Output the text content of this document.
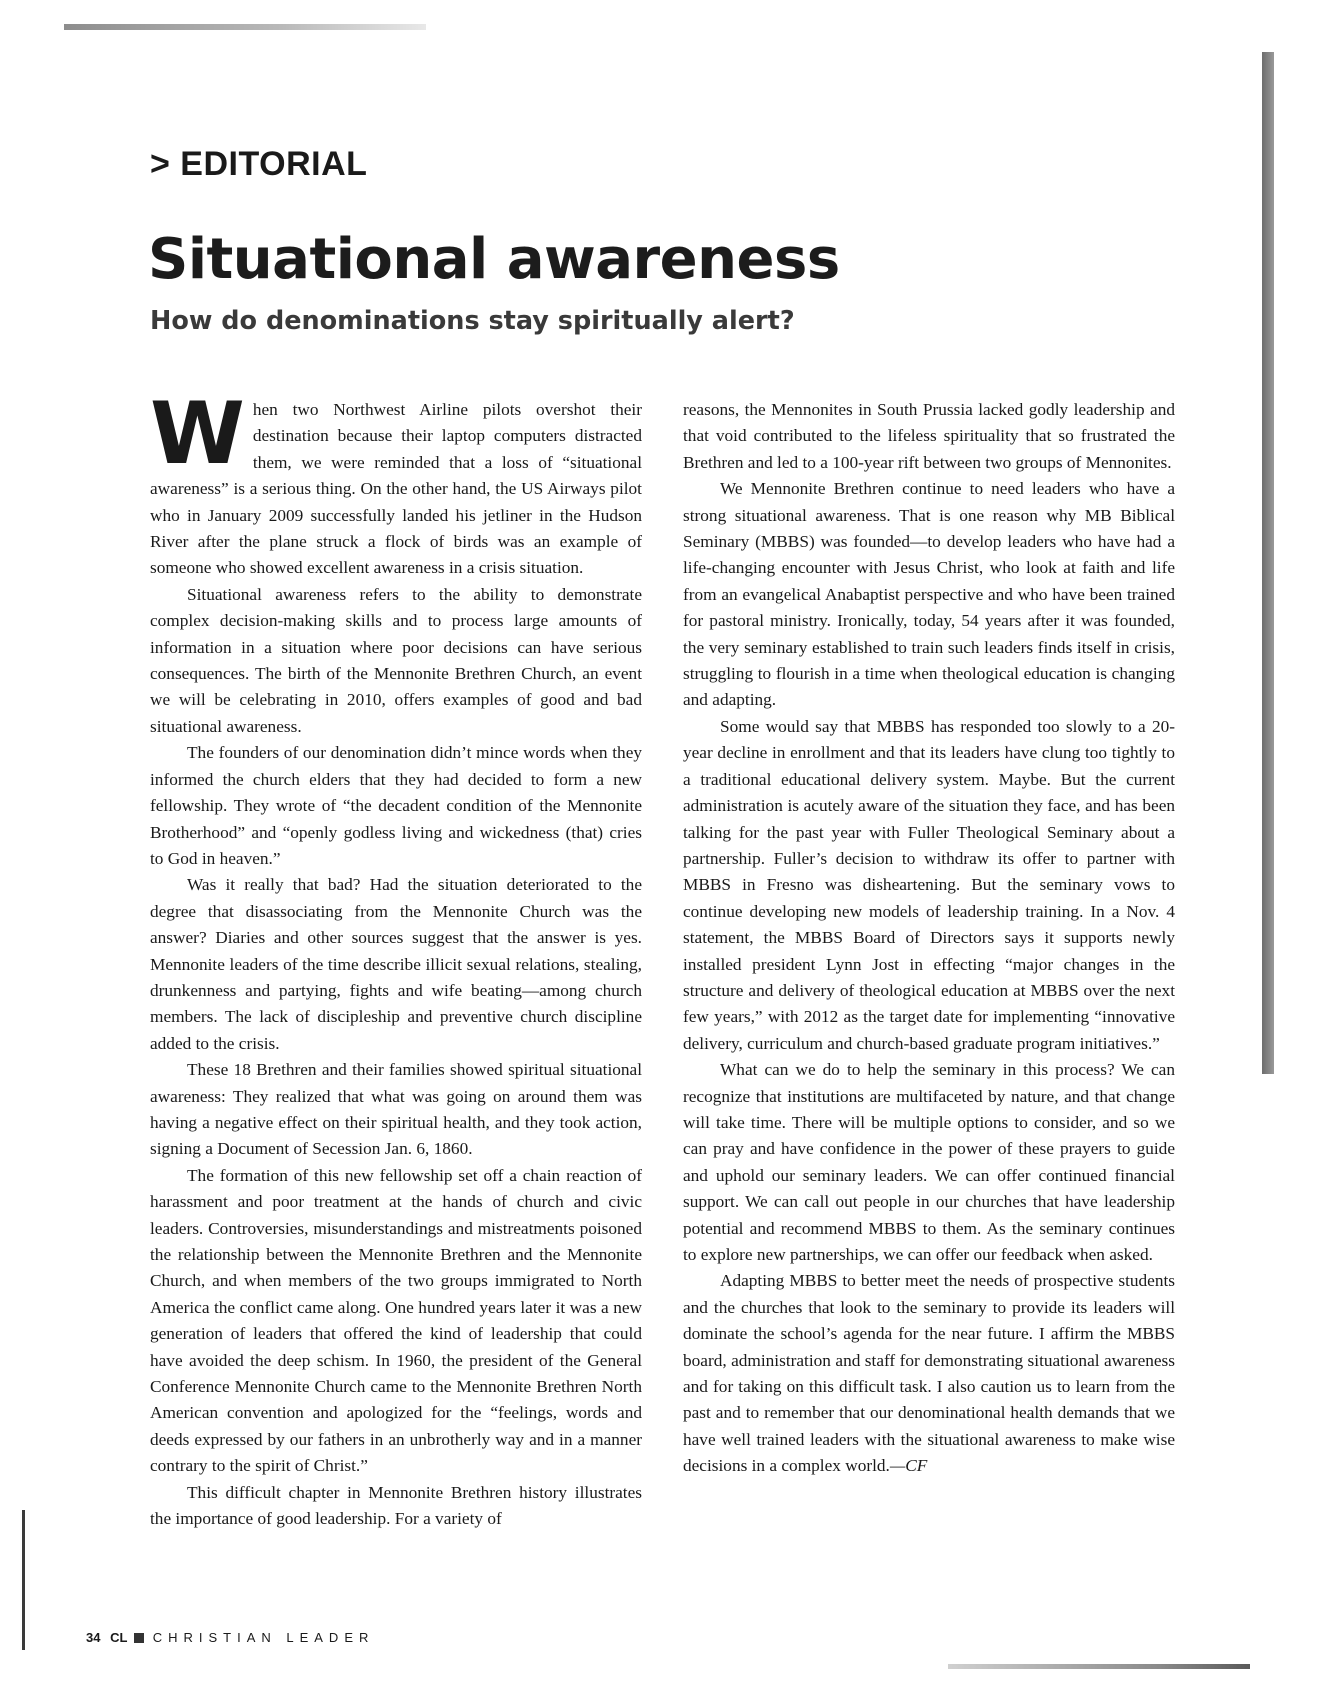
> EDITORIAL
Situational awareness
How do denominations stay spiritually alert?

When two Northwest Airline pilots overshot their destination because their laptop computers distracted them, we were reminded that a loss of “situational awareness” is a serious thing. On the other hand, the US Airways pilot who in January 2009 successfully landed his jetliner in the Hudson River after the plane struck a flock of birds was an example of someone who showed excellent awareness in a crisis situation.

Situational awareness refers to the ability to demonstrate complex decision-making skills and to process large amounts of information in a situation where poor decisions can have serious consequences. The birth of the Mennonite Brethren Church, an event we will be celebrating in 2010, offers examples of good and bad situational awareness.

The founders of our denomination didn’t mince words when they informed the church elders that they had decided to form a new fellowship. They wrote of “the decadent condition of the Mennonite Brotherhood” and “openly godless living and wickedness (that) cries to God in heaven.”

Was it really that bad? Had the situation deteriorated to the degree that disassociating from the Mennonite Church was the answer? Diaries and other sources suggest that the answer is yes. Mennonite leaders of the time describe illicit sexual relations, stealing, drunkenness and partying, fights and wife beating—among church members. The lack of discipleship and preventive church discipline added to the crisis.

These 18 Brethren and their families showed spiritual situational awareness: They realized that what was going on around them was having a negative effect on their spiritual health, and they took action, signing a Document of Secession Jan. 6, 1860.

The formation of this new fellowship set off a chain reaction of harassment and poor treatment at the hands of church and civic leaders. Controversies, misunderstandings and mistreatments poisoned the relationship between the Mennonite Brethren and the Mennonite Church, and when members of the two groups immigrated to North America the conflict came along. One hundred years later it was a new generation of leaders that offered the kind of leadership that could have avoided the deep schism. In 1960, the president of the General Conference Mennonite Church came to the Mennonite Brethren North American convention and apologized for the “feelings, words and deeds expressed by our fathers in an unbrotherly way and in a manner contrary to the spirit of Christ.”

This difficult chapter in Mennonite Brethren history illustrates the importance of good leadership. For a variety of

reasons, the Mennonites in South Prussia lacked godly leadership and that void contributed to the lifeless spirituality that so frustrated the Brethren and led to a 100-year rift between two groups of Mennonites.

We Mennonite Brethren continue to need leaders who have a strong situational awareness. That is one reason why MB Biblical Seminary (MBBS) was founded—to develop leaders who have had a life-changing encounter with Jesus Christ, who look at faith and life from an evangelical Anabaptist perspective and who have been trained for pastoral ministry. Ironically, today, 54 years after it was founded, the very seminary established to train such leaders finds itself in crisis, struggling to flourish in a time when theological education is changing and adapting.

Some would say that MBBS has responded too slowly to a 20-year decline in enrollment and that its leaders have clung too tightly to a traditional educational delivery system. Maybe. But the current administration is acutely aware of the situation they face, and has been talking for the past year with Fuller Theological Seminary about a partnership. Fuller’s decision to withdraw its offer to partner with MBBS in Fresno was disheartening. But the seminary vows to continue developing new models of leadership training. In a Nov. 4 statement, the MBBS Board of Directors says it supports newly installed president Lynn Jost in effecting “major changes in the structure and delivery of theological education at MBBS over the next few years,” with 2012 as the target date for implementing “innovative delivery, curriculum and church-based graduate program initiatives.”

What can we do to help the seminary in this process? We can recognize that institutions are multifaceted by nature, and that change will take time. There will be multiple options to consider, and so we can pray and have confidence in the power of these prayers to guide and uphold our seminary leaders. We can offer continued financial support. We can call out people in our churches that have leadership potential and recommend MBBS to them. As the seminary continues to explore new partnerships, we can offer our feedback when asked.

Adapting MBBS to better meet the needs of prospective students and the churches that look to the seminary to provide its leaders will dominate the school’s agenda for the near future. I affirm the MBBS board, administration and staff for demonstrating situational awareness and for taking on this difficult task. I also caution us to learn from the past and to remember that our denominational health demands that we have well trained leaders with the situational awareness to make wise decisions in a complex world.—CF

34 CL CHRISTIAN LEADER
